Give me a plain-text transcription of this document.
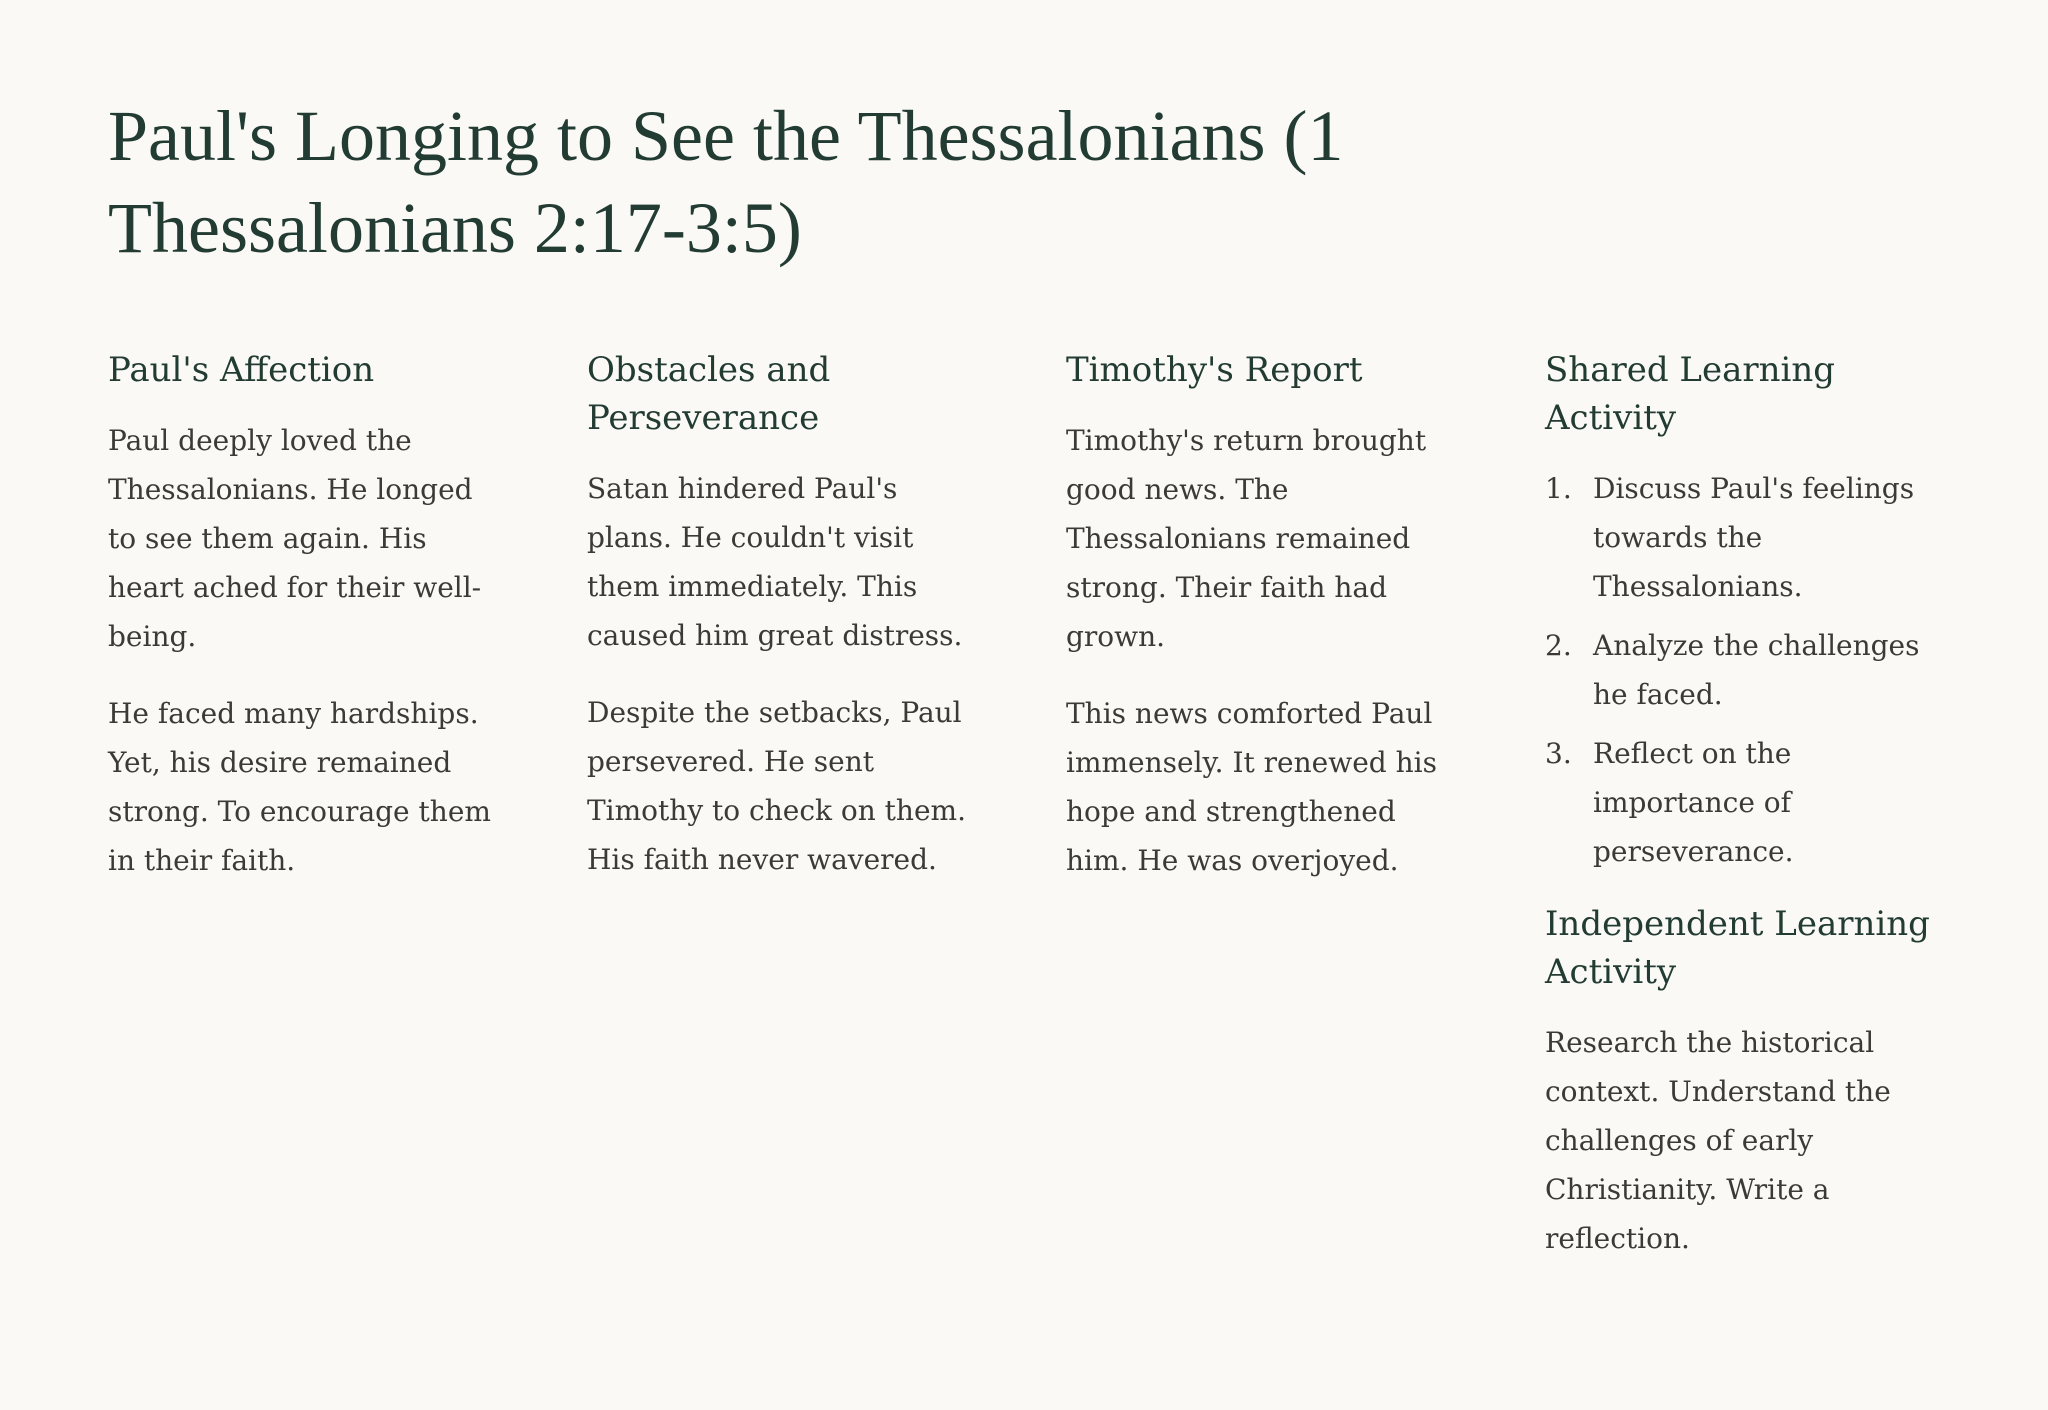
Paul's Longing to See the Thessalonians (1 Thessalonians 2:17-3:5)
Paul's Affection

Paul deeply loved the Thessalonians. He longed to see them again. His heart ached for their well-being.

He faced many hardships. Yet, his desire remained strong. To encourage them in their faith.

Obstacles and Perseverance

Satan hindered Paul's plans. He couldn't visit them immediately. This caused him great distress.

Despite the setbacks, Paul persevered. He sent Timothy to check on them. His faith never wavered.

Timothy's Report

Timothy's return brought good news. The Thessalonians remained strong. Their faith had grown.

This news comforted Paul immensely. It renewed his hope and strengthened him. He was overjoyed.

Shared Learning Activity
1. Discuss Paul's feelings towards the Thessalonians.
2. Analyze the challenges he faced.
3. Reflect on the importance of perseverance.
Independent Learning Activity

Research the historical context. Understand the challenges of early Christianity. Write a reflection.
